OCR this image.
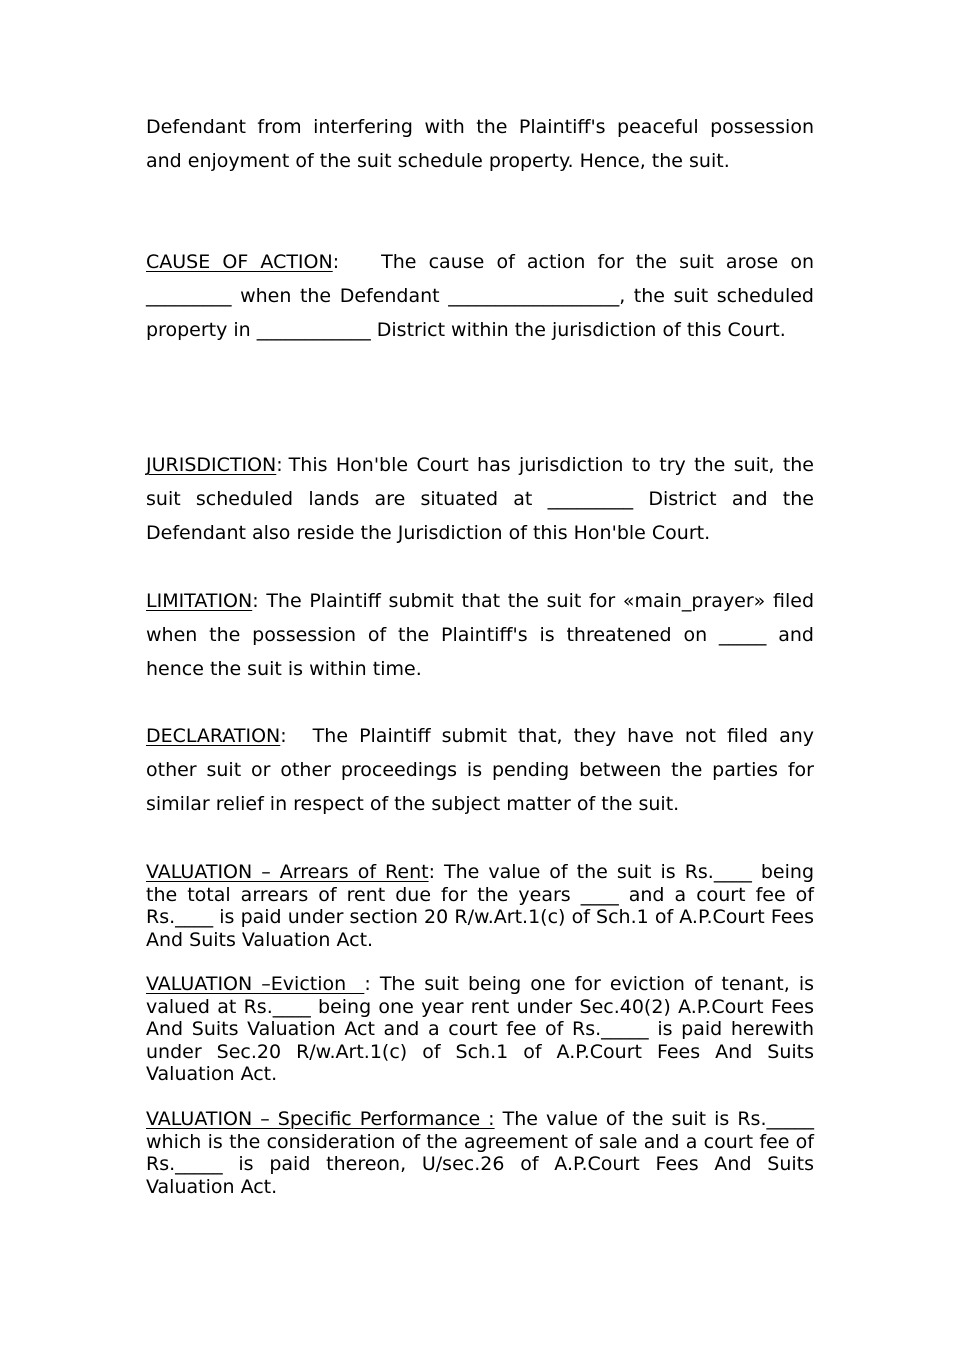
Defendant from interfering with the Plaintiff's peaceful possession and enjoyment of the suit schedule property. Hence, the suit.

CAUSE OF ACTION: The cause of action for the suit arose on _________ when the Defendant __________________, the suit scheduled property in ____________ District within the jurisdiction of this Court.

JURISDICTION: This Hon'ble Court has jurisdiction to try the suit, the suit scheduled lands are situated at _________ District and the Defendant also reside the Jurisdiction of this Hon'ble Court.

LIMITATION: The Plaintiff submit that the suit for «main_prayer» filed when the possession of the Plaintiff's is threatened on _____ and hence the suit is within time.

DECLARATION: The Plaintiff submit that, they have not filed any other suit or other proceedings is pending between the parties for similar relief in respect of the subject matter of the suit.

VALUATION – Arrears of Rent: The value of the suit is Rs.____ being the total arrears of rent due for the years ____ and a court fee of Rs.____ is paid under section 20 R/w.Art.1(c) of Sch.1 of A.P.Court Fees And Suits Valuation Act.

VALUATION –Eviction  : The suit being one for eviction of tenant, is valued at Rs.____ being one year rent under Sec.40(2) A.P.Court Fees And Suits Valuation Act and a court fee of Rs._____ is paid herewith under Sec.20 R/w.Art.1(c) of Sch.1 of A.P.Court Fees And Suits Valuation Act.

VALUATION – Specific Performance : The value of the suit is Rs._____ which is the consideration of the agreement of sale and a court fee of Rs._____ is paid thereon, U/sec.26 of A.P.Court Fees And Suits Valuation Act.
